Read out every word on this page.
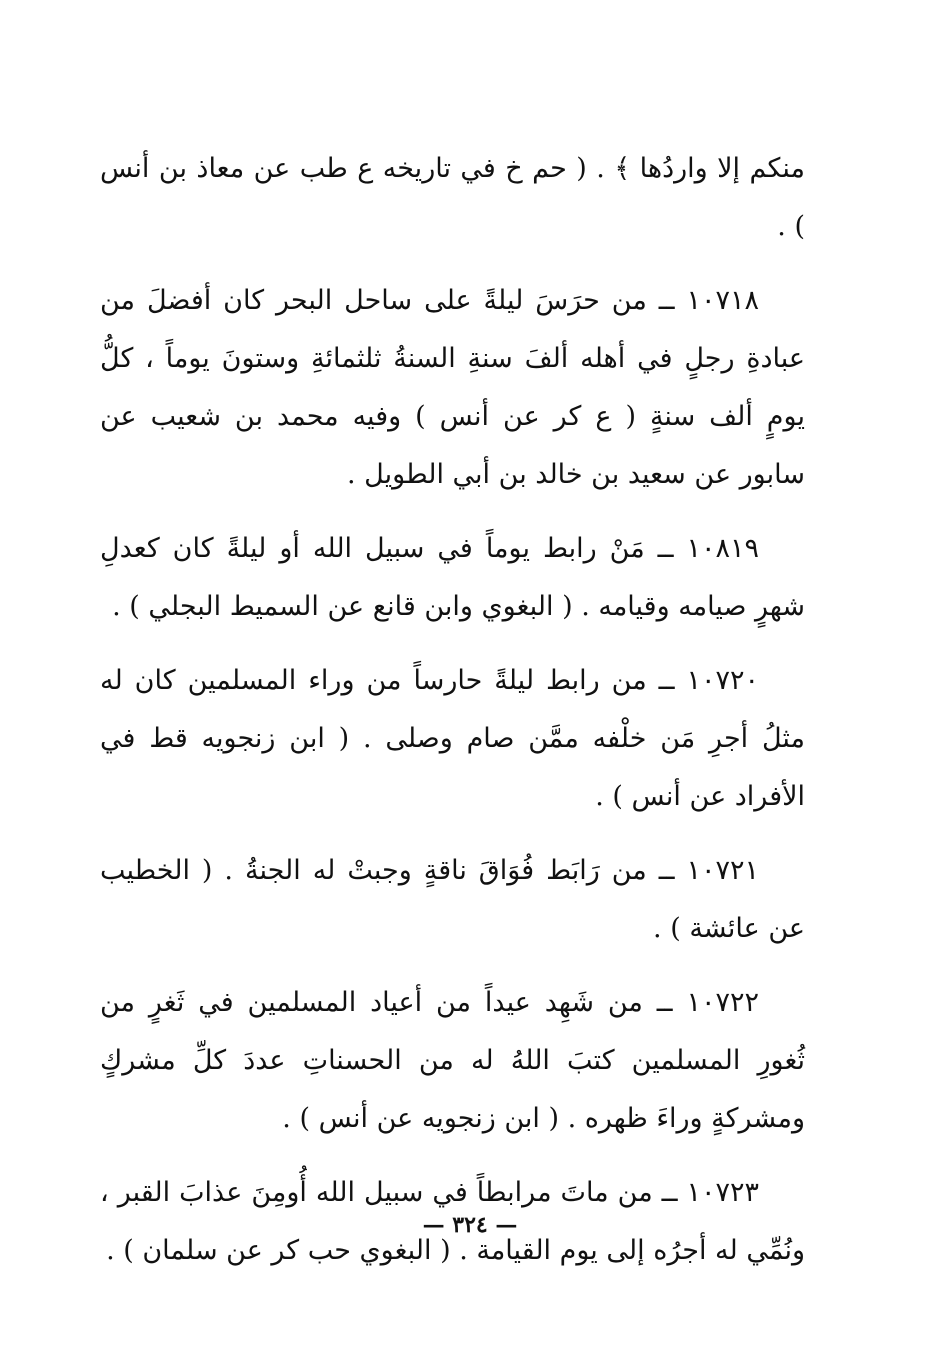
منكم إلا واردُها ﴾ . ( حم خ في تاريخه ع طب عن معاذ بن أنس ) .

١٠٧١٨ ــ من حرَسَ ليلةً على ساحل البحر كان أفضلَ من عبادةِ رجلٍ في أهله ألفَ سنةِ السنةُ ثلثمائةِ وستونَ يوماً ، كلُّ يومٍ ألف سنةٍ ( ع كر عن أنس ) وفيه محمد بن شعيب عن سابور عن سعيد بن خالد بن أبي الطويل .

١٠٨١٩ ــ مَنْ رابط يوماً في سبيل الله أو ليلةً كان كعدلِ شهرٍ صيامه وقيامه . ( البغوي وابن قانع عن السميط البجلي ) .

١٠٧٢٠ ــ من رابط ليلةً حارساً من وراء المسلمين كان له مثلُ أجرِ مَن خلْفه ممَّن صام وصلى . ( ابن زنجويه قط في الأفراد عن أنس ) .

١٠٧٢١ ــ من رَابَط فُوَاقَ ناقةٍ وجبتْ له الجنةُ . ( الخطيب عن عائشة ) .

١٠٧٢٢ ــ من شَهِد عيداً من أعياد المسلمين في ثَغرٍ من ثُغورِ المسلمين كتبَ اللهُ له من الحسناتِ عددَ كلِّ مشركٍ ومشركةٍ وراءَ ظهره . ( ابن زنجويه عن أنس ) .

١٠٧٢٣ ــ من ماتَ مرابطاً في سبيل الله أُومِنَ عذابَ القبر ، ونُمِّي له أجرُه إلى يوم القيامة . ( البغوي حب كر عن سلمان ) .

— ٣٢٤ —
